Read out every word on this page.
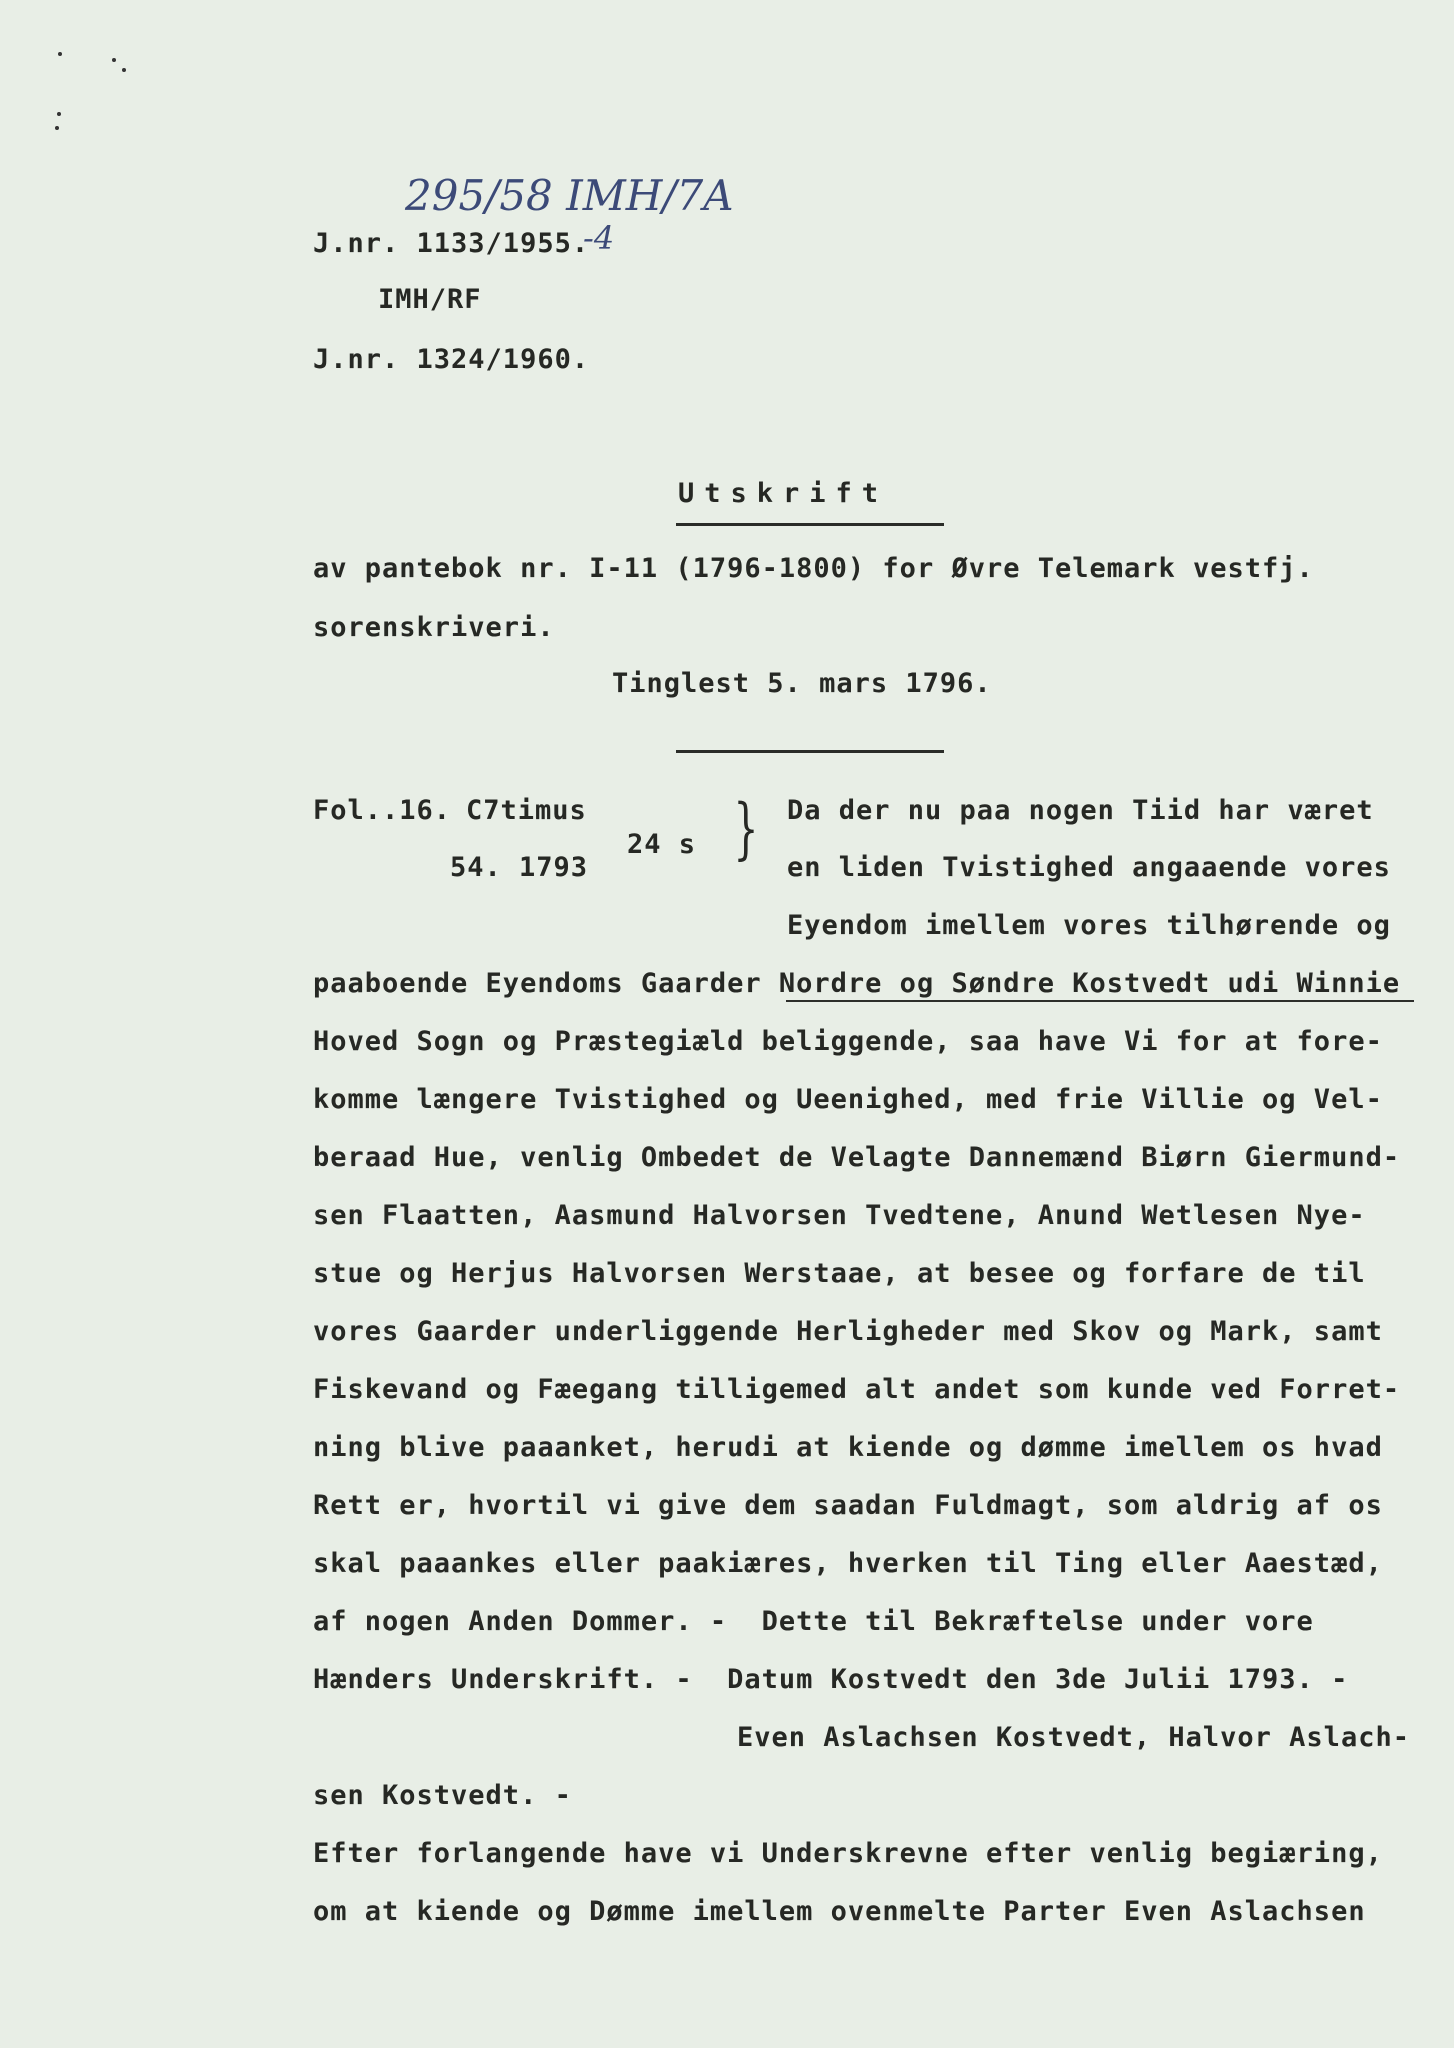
295/58 IMH/7A
J.nr. 1133/1955.
-4
IMH/RF
J.nr. 1324/1960.
Utskrift
av pantebok nr. I-11 (1796-1800) for Øvre Telemark vestfj.
sorenskriveri.
Tinglest 5. mars 1796.
Fol..16. C7timus
54. 1793
24 s } Da der nu paa nogen Tiid har været
en liden Tvistighed angaaende vores
Eyendom imellem vores tilhørende og
paaboende Eyendoms Gaarder Nordre og Søndre Kostvedt udi Winnie
Hoved Sogn og Præstegiæld beliggende, saa have Vi for at fore-
komme længere Tvistighed og Ueenighed, med frie Villie og Vel-
beraad Hue, venlig Ombedet de Velagte Dannemænd Biørn Giermund-
sen Flaatten, Aasmund Halvorsen Tvedtene, Anund Wetlesen Nye-
stue og Herjus Halvorsen Werstaae, at besee og forfare de til
vores Gaarder underliggende Herligheder med Skov og Mark, samt
Fiskevand og Fæegang tilligemed alt andet som kunde ved Forret-
ning blive paaanket, herudi at kiende og dømme imellem os hvad
Rett er, hvortil vi give dem saadan Fuldmagt, som aldrig af os
skal paaankes eller paakiæres, hverken til Ting eller Aaestæd,
af nogen Anden Dommer. -  Dette til Bekræftelse under vore
Hænders Underskrift. -  Datum Kostvedt den 3de Julii 1793. -
Even Aslachsen Kostvedt, Halvor Aslach-
sen Kostvedt. -
Efter forlangende have vi Underskrevne efter venlig begiæring,
om at kiende og Dømme imellem ovenmelte Parter Even Aslachsen
